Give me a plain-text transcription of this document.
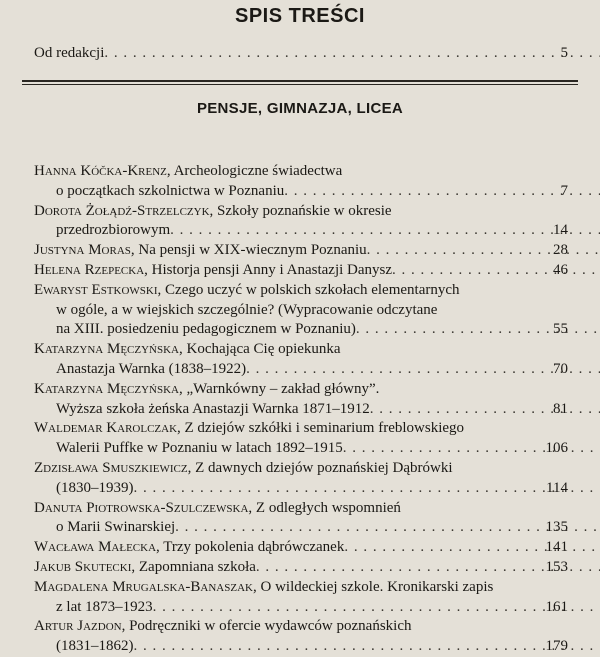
SPIS TREŚCI
Od redakcji	5
. . .
PENSJE, GIMNAZJA, LICEA
Hanna Kóčka-Krenz, Archeologiczne świadectwa
o początkach szkolnictwa w Poznaniu	7
. . .
Dorota Żołądź-Strzelczyk, Szkoły poznańskie w okresie
przedrozbiorowym	14
. . .
Justyna Moras, Na pensji w XIX-wiecznym Poznaniu	28
. . .
Helena Rzepecka, Historja pensji Anny i Anastazji Danysz	46
. . .
Ewaryst Estkowski, Czego uczyć w polskich szkołach elementarnych
w ogóle, a w wiejskich szczególnie? (Wypracowanie odczytane
na XIII. posiedzeniu pedagogicznem w Poznaniu)	55
. . .
Katarzyna Męczyńska, Kochająca Cię opiekunka
Anastazja Warnka (1838–1922)	70
. . .
Katarzyna Męczyńska, „Warnkówny – zakład główny”.
Wyższa szkoła żeńska Anastazji Warnka 1871–1912	81
. . .
Waldemar Karolczak, Z dziejów szkółki i seminarium freblowskiego
Walerii Puffke w Poznaniu w latach 1892–1915	106
. . .
Zdzisława Smuszkiewicz, Z dawnych dziejów poznańskiej Dąbrówki
(1830–1939)	114
. . .
Danuta Piotrowska-Szulczewska, Z odległych wspomnień
o Marii Swinarskiej	135
. . .
Wacława Małecka, Trzy pokolenia dąbrówczanek	141
. . .
Jakub Skutecki, Zapomniana szkoła	153
. . .
Magdalena Mrugalska-Banaszak, O wildeckiej szkole. Kronikarski zapis
z lat 1873–1923	161
. . .
Artur Jazdon, Podręczniki w ofercie wydawców poznańskich
(1831–1862)	179
. . .
